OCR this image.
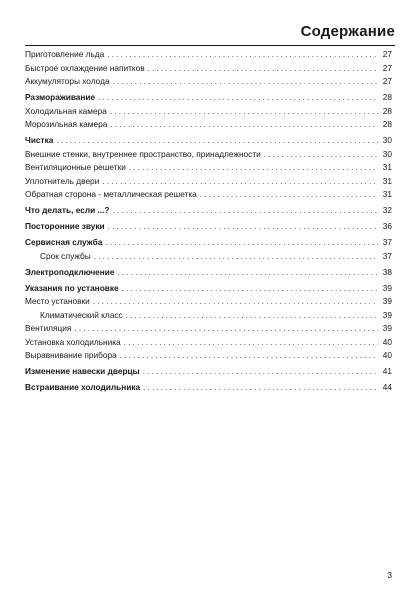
Содержание
Приготовление льда . . .	27
Быстрое охлаждение напитков . . .	27
Аккумуляторы холода . . .	27
Размораживание . . .	28
Холодильная камера . . .	28
Морозильная камера . . .	28
Чистка . . .	30
Внешние стенки, внутреннее пространство, принадлежности . . .	30
Вентиляционные решетки . . .	31
Уплотнитель двери . . .	31
Обратная сторона - металлическая решетка . . .	31
Что делать, если ...? . . .	32
Посторонние звуки . . .	36
Сервисная служба . . .	37
Срок службы . . .	37
Электроподключение . . .	38
Указания по установке . . .	39
Место установки . . .	39
Климатический класс . . .	39
Вентиляция . . .	39
Установка холодильника . . .	40
Выравнивание прибора . . .	40
Изменение навески дверцы . . .	41
Встраивание холодильника . . .	44
3
